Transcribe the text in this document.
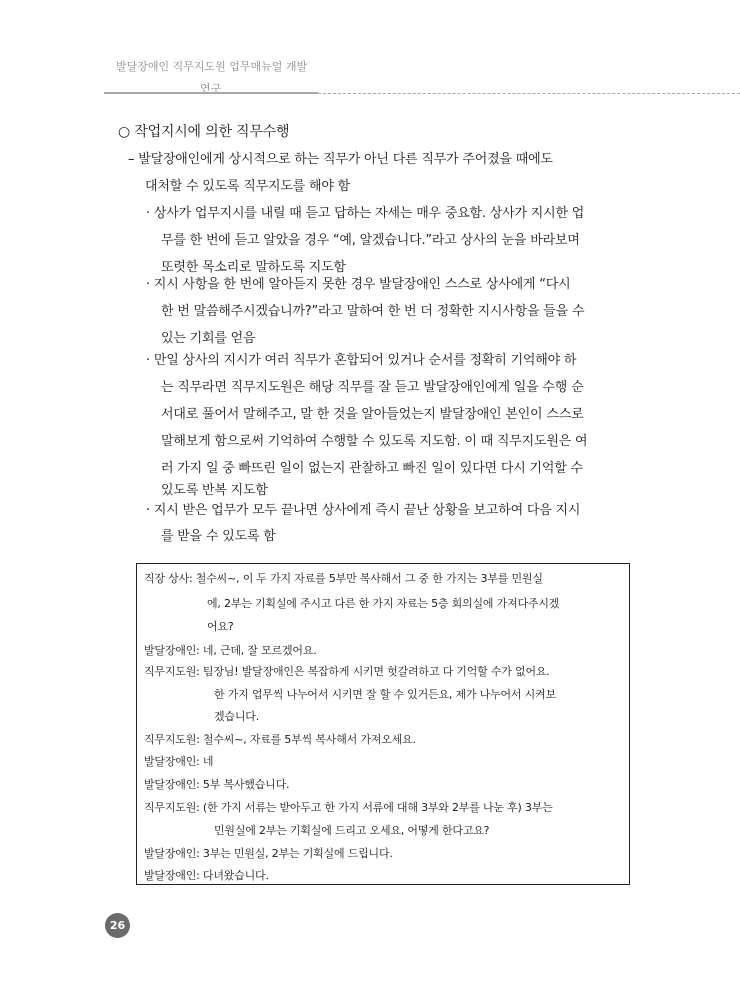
발달장애인 직무지도원 업무매뉴얼 개발
연구
○ 작업지시에 의한 직무수행
– 발달장애인에게 상시적으로 하는 직무가 아닌 다른 직무가 주어졌을 때에도
대처할 수 있도록 직무지도를 해야 함
· 상사가 업무지시를 내릴 때 듣고 답하는 자세는 매우 중요함. 상사가 지시한 업
무를 한 번에 듣고 알았을 경우 “예, 알겠습니다.”라고 상사의 눈을 바라보며
또렷한 목소리로 말하도록 지도함
· 지시 사항을 한 번에 알아듣지 못한 경우 발달장애인 스스로 상사에게 “다시
한 번 말씀해주시겠습니까?”라고 말하여 한 번 더 정확한 지시사항을 들을 수
있는 기회를 얻음
· 만일 상사의 지시가 여러 직무가 혼합되어 있거나 순서를 정확히 기억해야 하
는 직무라면 직무지도원은 해당 직무를 잘 듣고 발달장애인에게 일을 수행 순
서대로 풀어서 말해주고, 말 한 것을 알아들었는지 발달장애인 본인이 스스로
말해보게 함으로써 기억하여 수행할 수 있도록 지도함. 이 때 직무지도원은 여
러 가지 일 중 빠뜨린 일이 없는지 관찰하고 빠진 일이 있다면 다시 기억할 수
있도록 반복 지도함
· 지시 받은 업무가 모두 끝나면 상사에게 즉시 끝난 상황을 보고하여 다음 지시
를 받을 수 있도록 함
직장 상사: 철수씨~, 이 두 가지 자료를 5부만 복사해서 그 중 한 가지는 3부를 민원실
에, 2부는 기획실에 주시고 다른 한 가지 자료는 5층 회의실에 가져다주시겠
어요?
발달장애인: 네, 근데, 잘 모르겠어요.
직무지도원: 팀장님! 발달장애인은 복잡하게 시키면 헛갈려하고 다 기억할 수가 없어요.
한 가지 업무씩 나누어서 시키면 잘 할 수 있거든요, 제가 나누어서 시켜보
겠습니다.
직무지도원: 철수씨~, 자료를 5부씩 복사해서 가져오세요.
발달장애인: 네
발달장애인: 5부 복사했습니다.
직무지도원: (한 가지 서류는 받아두고 한 가지 서류에 대해 3부와 2부를 나눈 후) 3부는
민원실에 2부는 기획실에 드리고 오세요, 어떻게 한다고요?
발달장애인: 3부는 민원실, 2부는 기획실에 드립니다.
발달장애인: 다녀왔습니다.
26
